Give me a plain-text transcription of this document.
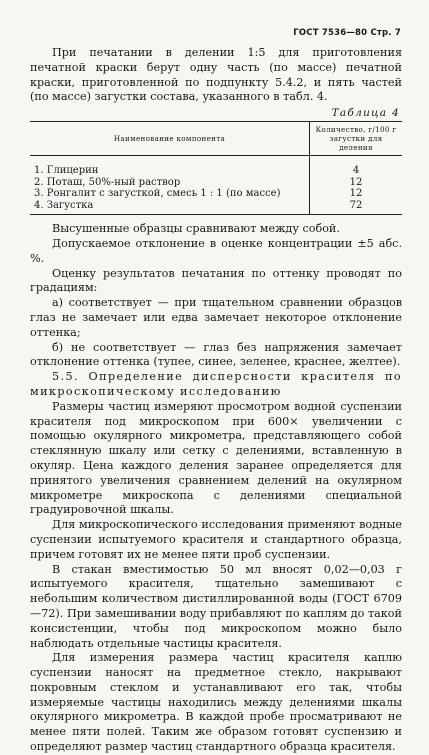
ГОСТ 7536—80 Стр. 7

При печатании в делении 1:5 для приготовления печатной краски берут одну часть (по массе) печатной краски, приготовленной по подпункту 5.4.2, и пять частей (по массе) загустки состава, указанного в табл. 4.

Таблица 4
Наименование компонента	Количество, г/100 г загустки для деления
1. Глицерин	4
2. Поташ, 50%-ный раствор	12
3. Ронгалит с загусткой, смесь 1 : 1 (по массе)	12
4. Загустка	72

Высушенные образцы сравнивают между собой.

Допускаемое отклонение в оценке концентрации ±5 абс. %.

Оценку результатов печатания по оттенку проводят по градациям:

а) соответствует — при тщательном сравнении образцов глаз не замечает или едва замечает некоторое отклонение оттенка;

б) не соответствует — глаз без напряжения замечает отклонение оттенка (тупее, синее, зеленее, краснее, желтее).

5.5. Определение дисперсности красителя по микроскопическому исследованию

Размеры частиц измеряют просмотром водной суспензии красителя под микроскопом при 600× увеличении с помощью окулярного микрометра, представляющего собой стеклянную шкалу или сетку с делениями, вставленную в окуляр. Цена каждого деления заранее определяется для принятого увеличения сравнением делений на окулярном микрометре микроскопа с делениями специальной градуировочной шкалы.

Для микроскопического исследования применяют водные суспензии испытуемого красителя и стандартного образца, причем готовят их не менее пяти проб суспензии.

В стакан вместимостью 50 мл вносят 0,02—0,03 г испытуемого красителя, тщательно замешивают с небольшим количеством дистиллированной воды (ГОСТ 6709—72). При замешивании воду прибавляют по каплям до такой консистенции, чтобы под микроскопом можно было наблюдать отдельные частицы красителя.

Для измерения размера частиц красителя каплю суспензии наносят на предметное стекло, накрывают покровным стеклом и устанавливают его так, чтобы измеряемые частицы находились между делениями шкалы окулярного микрометра. В каждой пробе просматривают не менее пяти полей. Таким же образом готовят суспензию и определяют размер частиц стандартного образца красителя.
